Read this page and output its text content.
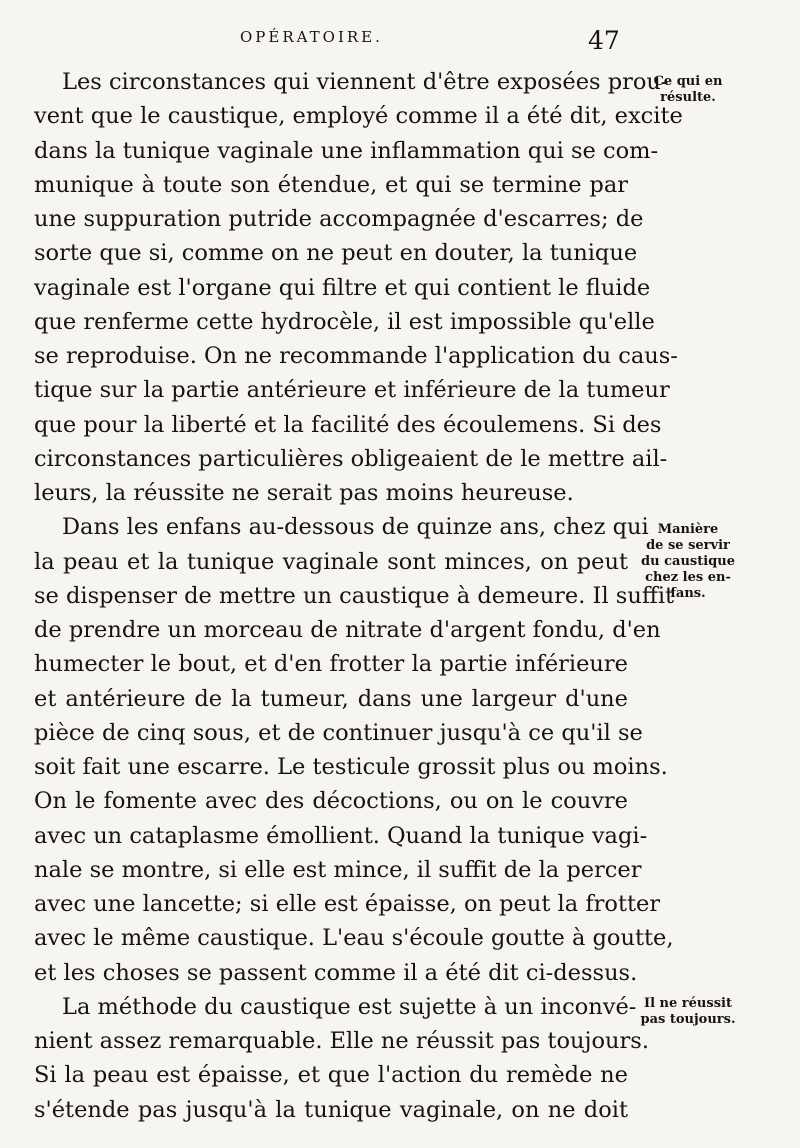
OPÉRATOIRE.	47
Les circonstances qui viennent d'être exposées prou-
vent que le caustique, employé comme il a été dit, excite
dans la tunique vaginale une inflammation qui se com-
munique à toute son étendue, et qui se termine par
une suppuration putride accompagnée d'escarres; de
sorte que si, comme on ne peut en douter, la tunique
vaginale est l'organe qui filtre et qui contient le fluide
que renferme cette hydrocèle, il est impossible qu'elle
se reproduise. On ne recommande l'application du caus-
tique sur la partie antérieure et inférieure de la tumeur
que pour la liberté et la facilité des écoulemens. Si des
circonstances particulières obligeaient de le mettre ail-
leurs, la réussite ne serait pas moins heureuse.
Dans les enfans au-dessous de quinze ans, chez qui
la peau et la tunique vaginale sont minces, on peut
se dispenser de mettre un caustique à demeure. Il suffit
de prendre un morceau de nitrate d'argent fondu, d'en
humecter le bout, et d'en frotter la partie inférieure
et antérieure de la tumeur, dans une largeur d'une
pièce de cinq sous, et de continuer jusqu'à ce qu'il se
soit fait une escarre. Le testicule grossit plus ou moins.
On le fomente avec des décoctions, ou on le couvre
avec un cataplasme émollient. Quand la tunique vagi-
nale se montre, si elle est mince, il suffit de la percer
avec une lancette; si elle est épaisse, on peut la frotter
avec le même caustique. L'eau s'écoule goutte à goutte,
et les choses se passent comme il a été dit ci-dessus.
La méthode du caustique est sujette à un inconvé-
nient assez remarquable. Elle ne réussit pas toujours.
Si la peau est épaisse, et que l'action du remède ne
s'étende pas jusqu'à la tunique vaginale, on ne doit
Ce qui en
résulte.
Manière
de se servir
du caustique
chez les en-
fans.
Il ne réussit
pas toujours.
